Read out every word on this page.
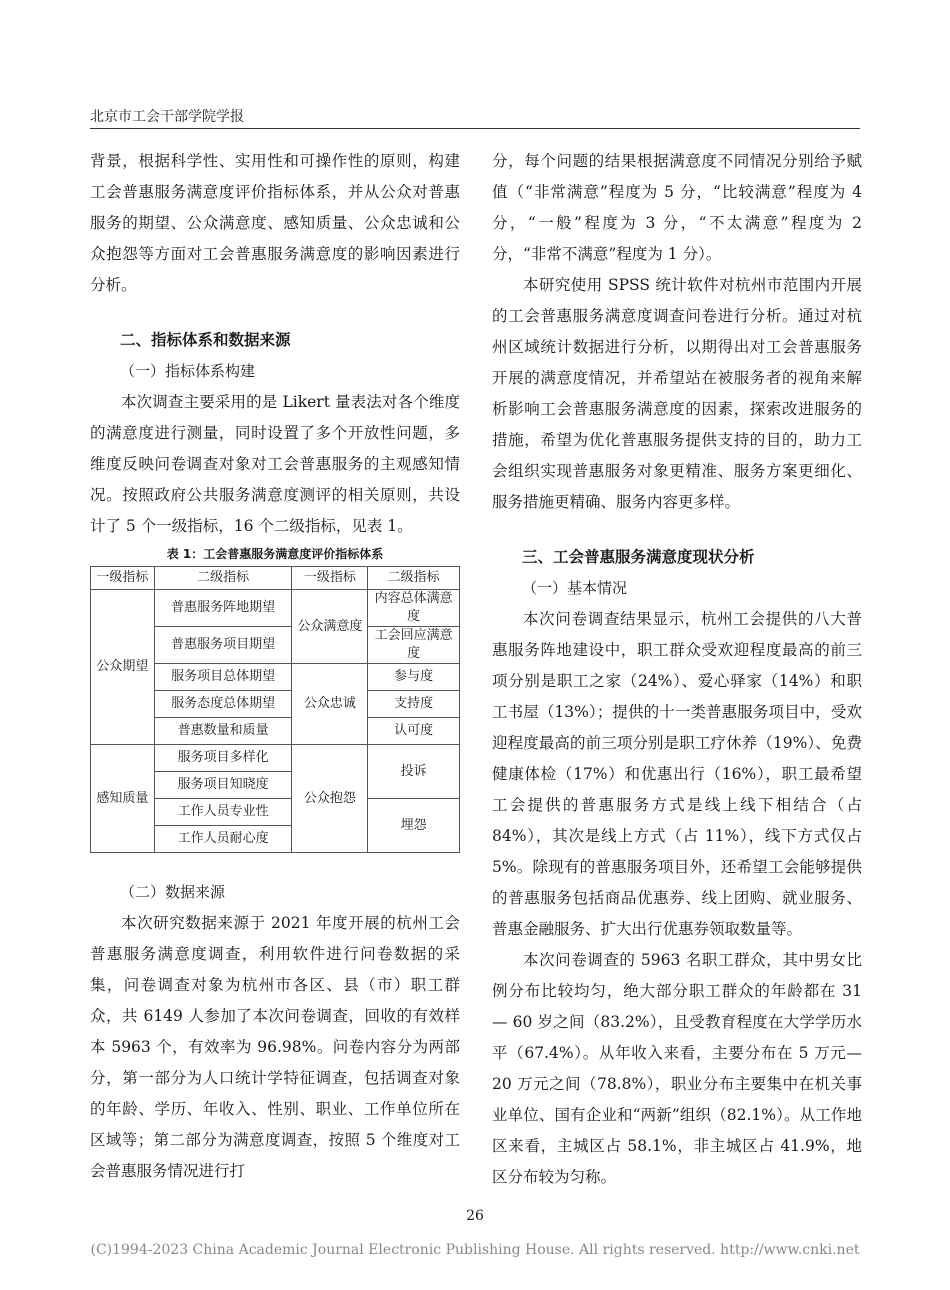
北京市工会干部学院学报

背景，根据科学性、实用性和可操作性的原则，构建工会普惠服务满意度评价指标体系，并从公众对普惠服务的期望、公众满意度、感知质量、公众忠诚和公众抱怨等方面对工会普惠服务满意度的影响因素进行分析。

二、指标体系和数据来源

（一）指标体系构建

本次调查主要采用的是 Likert 量表法对各个维度的满意度进行测量，同时设置了多个开放性问题，多维度反映问卷调查对象对工会普惠服务的主观感知情况。按照政府公共服务满意度测评的相关原则，共设计了 5 个一级指标，16 个二级指标，见表 1。

表 1：工会普惠服务满意度评价指标体系

一级指标	二级指标	一级指标	二级指标
公众期望	普惠服务阵地期望	公众满意度	内容总体满意度
	普惠服务项目期望		工会回应满意度
	服务项目总体期望	公众忠诚	参与度
	服务态度总体期望		支持度
	普惠数量和质量		认可度
感知质量	服务项目多样化	公众抱怨	投诉
	服务项目知晓度		
	工作人员专业性		埋怨
	工作人员耐心度		

（二）数据来源

本次研究数据来源于 2021 年度开展的杭州工会普惠服务满意度调查，利用软件进行问卷数据的采集，问卷调查对象为杭州市各区、县（市）职工群众，共 6149 人参加了本次问卷调查，回收的有效样本 5963 个，有效率为 96.98%。问卷内容分为两部分，第一部分为人口统计学特征调查，包括调查对象的年龄、学历、年收入、性别、职业、工作单位所在区域等；第二部分为满意度调查，按照 5 个维度对工会普惠服务情况进行打

分，每个问题的结果根据满意度不同情况分别给予赋值（“非常满意”程度为 5 分，“比较满意”程度为 4 分，“一般”程度为 3 分，“不太满意”程度为 2 分，“非常不满意”程度为 1 分）。

本研究使用 SPSS 统计软件对杭州市范围内开展的工会普惠服务满意度调查问卷进行分析。通过对杭州区域统计数据进行分析，以期得出对工会普惠服务开展的满意度情况，并希望站在被服务者的视角来解析影响工会普惠服务满意度的因素，探索改进服务的措施，希望为优化普惠服务提供支持的目的，助力工会组织实现普惠服务对象更精准、服务方案更细化、服务措施更精确、服务内容更多样。

三、工会普惠服务满意度现状分析

（一）基本情况

本次问卷调查结果显示，杭州工会提供的八大普惠服务阵地建设中，职工群众受欢迎程度最高的前三项分别是职工之家（24%）、爱心驿家（14%）和职工书屋（13%）；提供的十一类普惠服务项目中，受欢迎程度最高的前三项分别是职工疗休养（19%）、免费健康体检（17%）和优惠出行（16%），职工最希望工会提供的普惠服务方式是线上线下相结合（占 84%），其次是线上方式（占 11%），线下方式仅占 5%。除现有的普惠服务项目外，还希望工会能够提供的普惠服务包括商品优惠券、线上团购、就业服务、普惠金融服务、扩大出行优惠券领取数量等。

本次问卷调查的 5963 名职工群众，其中男女比例分布比较均匀，绝大部分职工群众的年龄都在 31 — 60 岁之间（83.2%），且受教育程度在大学学历水平（67.4%）。从年收入来看，主要分布在 5 万元— 20 万元之间（78.8%），职业分布主要集中在机关事业单位、国有企业和“两新”组织（82.1%）。从工作地区来看，主城区占 58.1%，非主城区占 41.9%，地区分布较为匀称。

26
(C)1994-2023 China Academic Journal Electronic Publishing House. All rights reserved. http://www.cnki.net
